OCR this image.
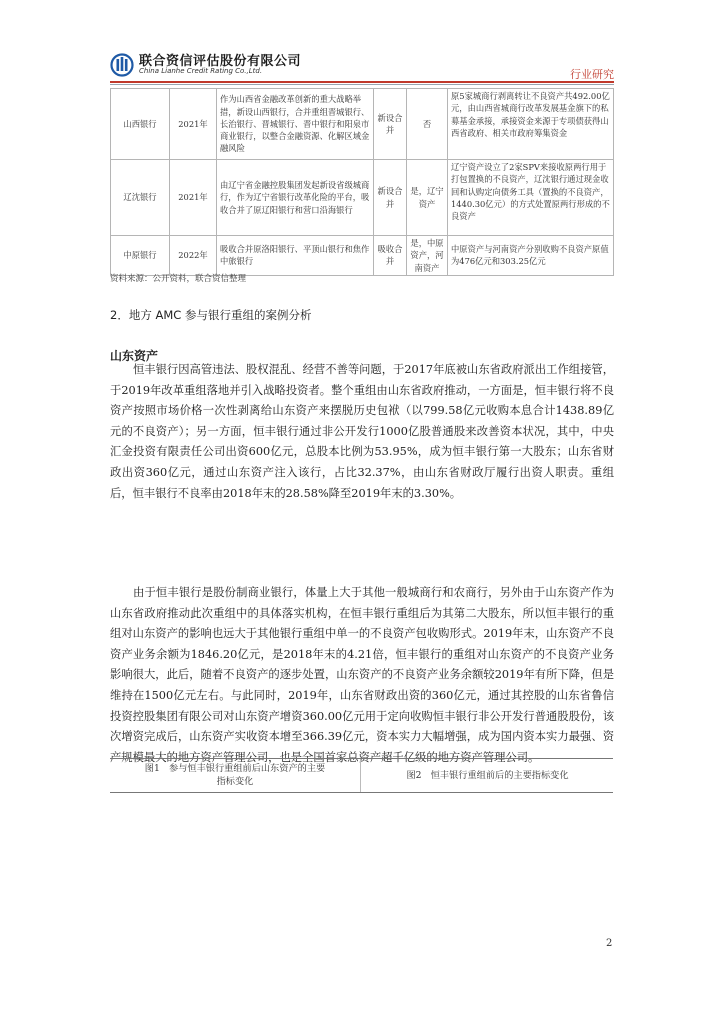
联合资信评估股份有限公司
China Lianhe Credit Rating Co.,Ltd.	行业研究
山西银行	2021年	作为山西省金融改革创新的重大战略举措，新设山西银行，合并重组晋城银行、长治银行、晋城银行、晋中银行和阳泉市商业银行，以整合金融资源、化解区域金融风险	新设合并	否	原5家城商行剥离转让不良资产共492.00亿元，由山西省城商行改革发展基金旗下的私募基金承接，承接资金来源于专项债获得山西省政府、相关市政府筹集资金
辽沈银行	2021年	由辽宁省金融控股集团发起新设省级城商行，作为辽宁省银行改革化险的平台，吸收合并了原辽阳银行和营口沿海银行	新设合并	是，辽宁资产	辽宁资产设立了2家SPV来接收原两行用于打包置换的不良资产，辽沈银行通过现金收回和认购定向债务工具（置换的不良资产，1440.30亿元）的方式处置原两行形成的不良资产
中原银行	2022年	吸收合并原洛阳银行、平顶山银行和焦作中旅银行	吸收合并	是，中原资产，河南资产	中原资产与河南资产分别收购不良资产原值为476亿元和303.25亿元
资料来源：公开资料，联合资信整理
2．地方 AMC 参与银行重组的案例分析
山东资产

恒丰银行因高管违法、股权混乱、经营不善等问题，于2017年底被山东省政府派出工作组接管，于2019年改革重组落地并引入战略投资者。整个重组由山东省政府推动，一方面是，恒丰银行将不良资产按照市场价格一次性剥离给山东资产来摆脱历史包袱（以799.58亿元收购本息合计1438.89亿元的不良资产）；另一方面，恒丰银行通过非公开发行1000亿股普通股来改善资本状况，其中，中央汇金投资有限责任公司出资600亿元，总股本比例为53.95%，成为恒丰银行第一大股东；山东省财政出资360亿元，通过山东资产注入该行，占比32.37%，由山东省财政厅履行出资人职责。重组后，恒丰银行不良率由2018年末的28.58%降至2019年末的3.30%。

由于恒丰银行是股份制商业银行，体量上大于其他一般城商行和农商行，另外由于山东资产作为山东省政府推动此次重组中的具体落实机构，在恒丰银行重组后为其第二大股东，所以恒丰银行的重组对山东资产的影响也远大于其他银行重组中单一的不良资产包收购形式。2019年末，山东资产不良资产业务余额为1846.20亿元，是2018年末的4.21倍，恒丰银行的重组对山东资产的不良资产业务影响很大，此后，随着不良资产的逐步处置，山东资产的不良资产业务余额较2019年有所下降，但是维持在1500亿元左右。与此同时，2019年，山东省财政出资的360亿元，通过其控股的山东省鲁信投资控股集团有限公司对山东资产增资360.00亿元用于定向收购恒丰银行非公开发行普通股股份，该次增资完成后，山东资产实收资本增至366.39亿元，资本实力大幅增强，成为国内资本实力最强、资产规模最大的地方资产管理公司，也是全国首家总资产超千亿级的地方资产管理公司。

图1　参与恒丰银行重组前后山东资产的主要
指标变化
图2　恒丰银行重组前后的主要指标变化
2
